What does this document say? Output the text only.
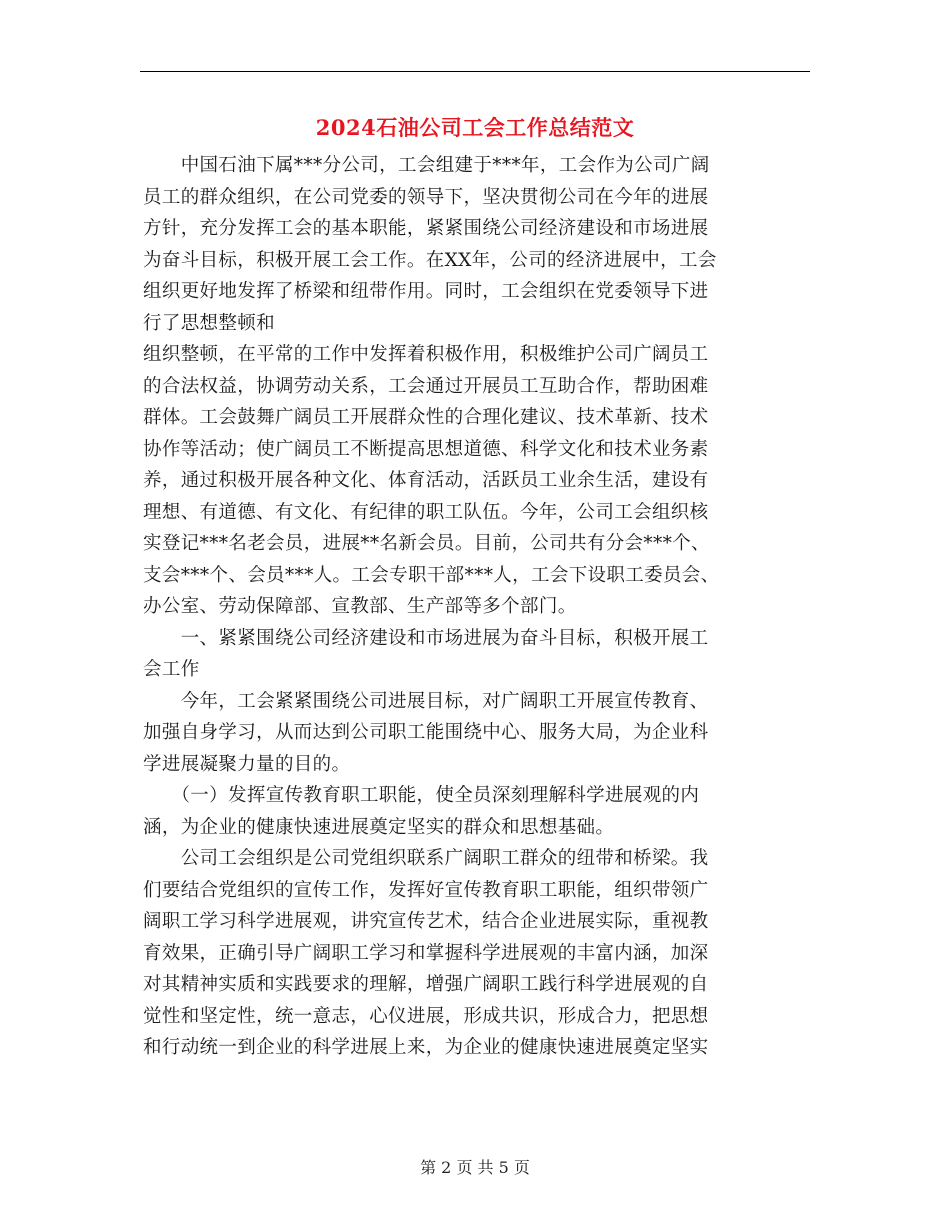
2024石油公司工会工作总结范文
　　中国石油下属***分公司，工会组建于***年，工会作为公司广阔
员工的群众组织，在公司党委的领导下，坚决贯彻公司在今年的进展
方针，充分发挥工会的基本职能，紧紧围绕公司经济建设和市场进展
为奋斗目标，积极开展工会工作。在XX年，公司的经济进展中，工会
组织更好地发挥了桥梁和纽带作用。同时，工会组织在党委领导下进
行了思想整顿和
组织整顿，在平常的工作中发挥着积极作用，积极维护公司广阔员工
的合法权益，协调劳动关系，工会通过开展员工互助合作，帮助困难
群体。工会鼓舞广阔员工开展群众性的合理化建议、技术革新、技术
协作等活动；使广阔员工不断提高思想道德、科学文化和技术业务素
养，通过积极开展各种文化、体育活动，活跃员工业余生活，建设有
理想、有道德、有文化、有纪律的职工队伍。今年，公司工会组织核
实登记***名老会员，进展**名新会员。目前，公司共有分会***个、
支会***个、会员***人。工会专职干部***人，工会下设职工委员会、
办公室、劳动保障部、宣教部、生产部等多个部门。
　　一、紧紧围绕公司经济建设和市场进展为奋斗目标，积极开展工
会工作
　　今年，工会紧紧围绕公司进展目标，对广阔职工开展宣传教育、
加强自身学习，从而达到公司职工能围绕中心、服务大局，为企业科
学进展凝聚力量的目的。
　　（一）发挥宣传教育职工职能，使全员深刻理解科学进展观的内
涵，为企业的健康快速进展奠定坚实的群众和思想基础。
　　公司工会组织是公司党组织联系广阔职工群众的纽带和桥梁。我
们要结合党组织的宣传工作，发挥好宣传教育职工职能，组织带领广
阔职工学习科学进展观，讲究宣传艺术，结合企业进展实际，重视教
育效果，正确引导广阔职工学习和掌握科学进展观的丰富内涵，加深
对其精神实质和实践要求的理解，增强广阔职工践行科学进展观的自
觉性和坚定性，统一意志，心仪进展，形成共识，形成合力，把思想
和行动统一到企业的科学进展上来，为企业的健康快速进展奠定坚实
第 2 页 共 5 页
